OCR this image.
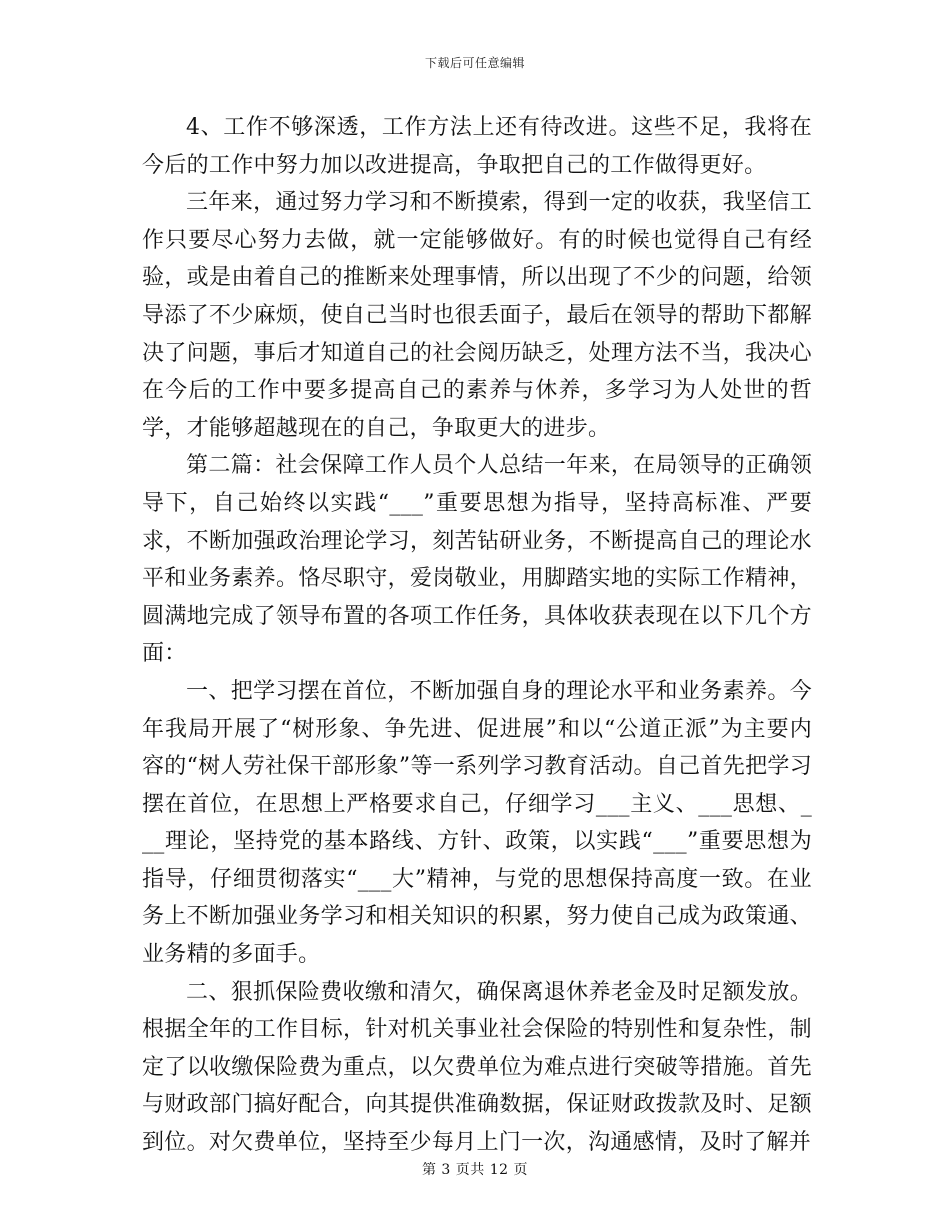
下载后可任意编辑

4、工作不够深透，工作方法上还有待改进。这些不足，我将在今后的工作中努力加以改进提高，争取把自己的工作做得更好。

三年来，通过努力学习和不断摸索，得到一定的收获，我坚信工作只要尽心努力去做，就一定能够做好。有的时候也觉得自己有经验，或是由着自己的推断来处理事情，所以出现了不少的问题，给领导添了不少麻烦，使自己当时也很丢面子，最后在领导的帮助下都解决了问题，事后才知道自己的社会阅历缺乏，处理方法不当，我决心在今后的工作中要多提高自己的素养与休养，多学习为人处世的哲学，才能够超越现在的自己，争取更大的进步。

第二篇：社会保障工作人员个人总结一年来，在局领导的正确领导下，自己始终以实践“___”重要思想为指导，坚持高标准、严要求，不断加强政治理论学习，刻苦钻研业务，不断提高自己的理论水平和业务素养。恪尽职守，爱岗敬业，用脚踏实地的实际工作精神，圆满地完成了领导布置的各项工作任务，具体收获表现在以下几个方面：

一、把学习摆在首位，不断加强自身的理论水平和业务素养。今年我局开展了“树形象、争先进、促进展”和以“公道正派”为主要内容的“树人劳社保干部形象”等一系列学习教育活动。自己首先把学习摆在首位，在思想上严格要求自己，仔细学习___主义、___思想、___理论，坚持党的基本路线、方针、政策，以实践“___”重要思想为指导，仔细贯彻落实“___大”精神，与党的思想保持高度一致。在业务上不断加强业务学习和相关知识的积累，努力使自己成为政策通、业务精的多面手。

二、狠抓保险费收缴和清欠，确保离退休养老金及时足额发放。根据全年的工作目标，针对机关事业社会保险的特别性和复杂性，制定了以收缴保险费为重点，以欠费单位为难点进行突破等措施。首先与财政部门搞好配合，向其提供准确数据，保证财政拨款及时、足额到位。对欠费单位，坚持至少每月上门一次，沟通感情，及时了解并

第 3 页共 12 页
